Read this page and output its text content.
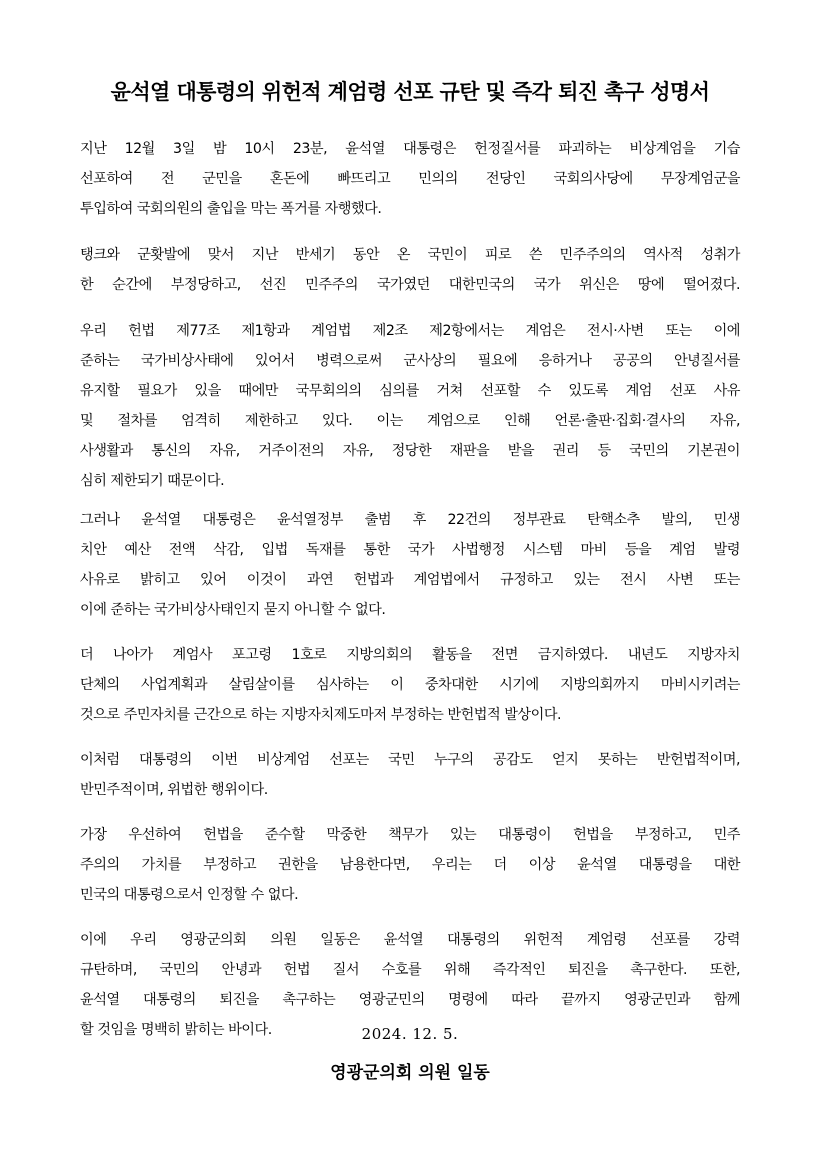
윤석열 대통령의 위헌적 계엄령 선포 규탄 및 즉각 퇴진 촉구 성명서
지난 12월 3일 밤 10시 23분, 윤석열 대통령은 헌정질서를 파괴하는 비상계엄을 기습
선포하여 전 군민을 혼돈에 빠뜨리고 민의의 전당인 국회의사당에 무장계엄군을
투입하여 국회의원의 출입을 막는 폭거를 자행했다.
탱크와 군홧발에 맞서 지난 반세기 동안 온 국민이 피로 쓴 민주주의의 역사적 성취가
한 순간에 부정당하고, 선진 민주주의 국가였던 대한민국의 국가 위신은 땅에 떨어졌다.
우리 헌법 제77조 제1항과 계엄법 제2조 제2항에서는 계엄은 전시·사변 또는 이에
준하는 국가비상사태에 있어서 병력으로써 군사상의 필요에 응하거나 공공의 안녕질서를
유지할 필요가 있을 때에만 국무회의의 심의를 거쳐 선포할 수 있도록 계엄 선포 사유
및 절차를 엄격히 제한하고 있다. 이는 계엄으로 인해 언론·출판·집회·결사의 자유,
사생활과 통신의 자유, 거주이전의 자유, 정당한 재판을 받을 권리 등 국민의 기본권이
심히 제한되기 때문이다.
그러나 윤석열 대통령은 윤석열정부 출범 후 22건의 정부관료 탄핵소추 발의, 민생
치안 예산 전액 삭감, 입법 독재를 통한 국가 사법행정 시스템 마비 등을 계엄 발령
사유로 밝히고 있어 이것이 과연 헌법과 계엄법에서 규정하고 있는 전시 사변 또는
이에 준하는 국가비상사태인지 묻지 아니할 수 없다.
더 나아가 계엄사 포고령 1호로 지방의회의 활동을 전면 금지하였다. 내년도 지방자치
단체의 사업계획과 살림살이를 심사하는 이 중차대한 시기에 지방의회까지 마비시키려는
것으로 주민자치를 근간으로 하는 지방자치제도마저 부정하는 반헌법적 발상이다.
이처럼 대통령의 이번 비상계엄 선포는 국민 누구의 공감도 얻지 못하는 반헌법적이며,
반민주적이며, 위법한 행위이다.
가장 우선하여 헌법을 준수할 막중한 책무가 있는 대통령이 헌법을 부정하고, 민주
주의의 가치를 부정하고 권한을 남용한다면, 우리는 더 이상 윤석열 대통령을 대한
민국의 대통령으로서 인정할 수 없다.
이에 우리 영광군의회 의원 일동은 윤석열 대통령의 위헌적 계엄령 선포를 강력
규탄하며, 국민의 안녕과 헌법 질서 수호를 위해 즉각적인 퇴진을 촉구한다. 또한,
윤석열 대통령의 퇴진을 촉구하는 영광군민의 명령에 따라 끝까지 영광군민과 함께
할 것임을 명백히 밝히는 바이다.	2024. 12. 5.
영광군의회 의원 일동
